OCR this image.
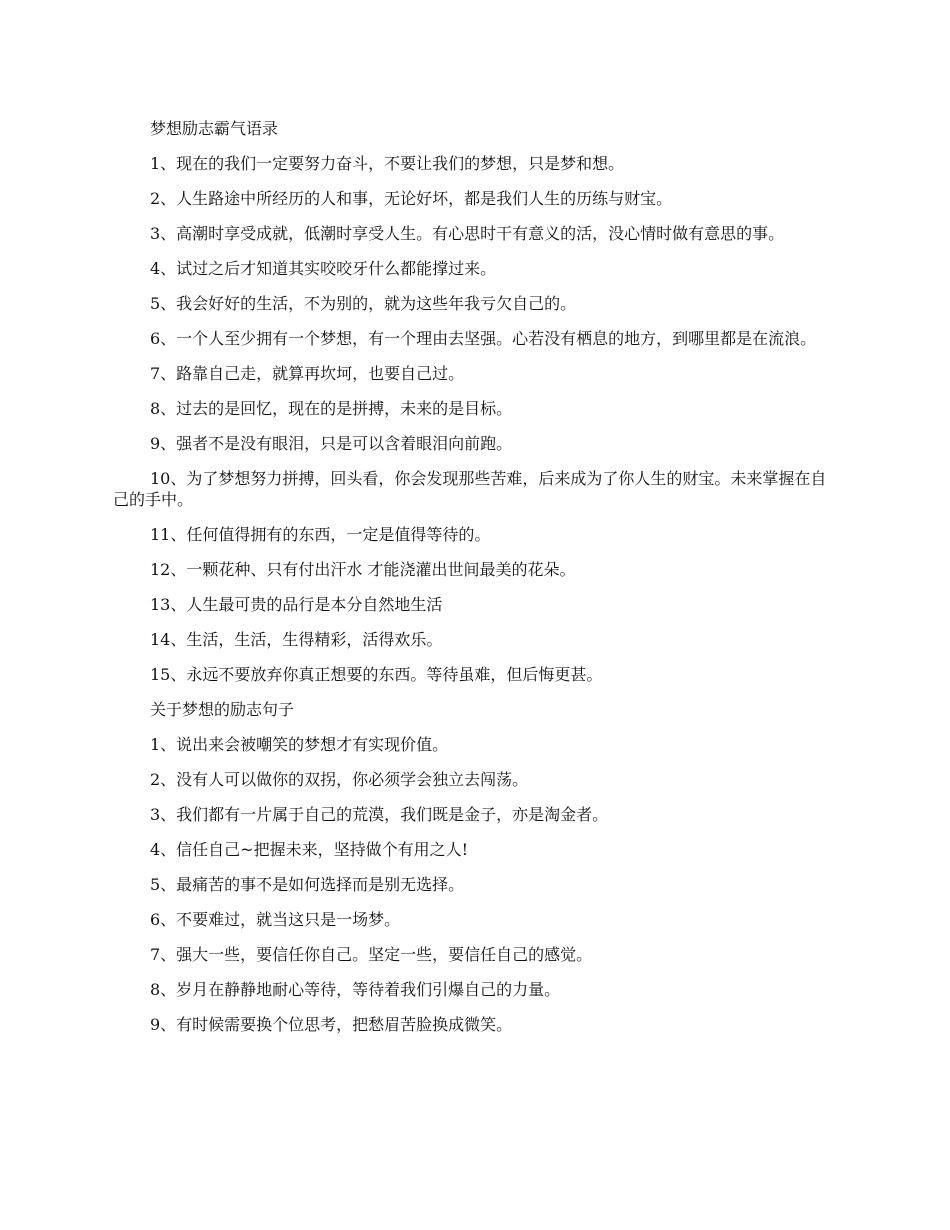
梦想励志霸气语录

1、现在的我们一定要努力奋斗，不要让我们的梦想，只是梦和想。

2、人生路途中所经历的人和事，无论好坏，都是我们人生的历练与财宝。

3、高潮时享受成就，低潮时享受人生。有心思时干有意义的活，没心情时做有意思的事。

4、试过之后才知道其实咬咬牙什么都能撑过来。

5、我会好好的生活，不为别的，就为这些年我亏欠自己的。

6、一个人至少拥有一个梦想，有一个理由去坚强。心若没有栖息的地方，到哪里都是在流浪。

7、路靠自己走，就算再坎坷，也要自己过。

8、过去的是回忆，现在的是拼搏，未来的是目标。

9、强者不是没有眼泪，只是可以含着眼泪向前跑。

10、为了梦想努力拼搏，回头看，你会发现那些苦难，后来成为了你人生的财宝。未来掌握在自己的手中。

11、任何值得拥有的东西，一定是值得等待的。

12、一颗花种、只有付出汗水 才能浇灌出世间最美的花朵。

13、人生最可贵的品行是本分自然地生活

14、生活，生活，生得精彩，活得欢乐。

15、永远不要放弃你真正想要的东西。等待虽难，但后悔更甚。

关于梦想的励志句子

1、说出来会被嘲笑的梦想才有实现价值。

2、没有人可以做你的双拐，你必须学会独立去闯荡。

3、我们都有一片属于自己的荒漠，我们既是金子，亦是淘金者。

4、信任自己~把握未来，坚持做个有用之人!

5、最痛苦的事不是如何选择而是别无选择。

6、不要难过，就当这只是一场梦。

7、强大一些，要信任你自己。坚定一些，要信任自己的感觉。

8、岁月在静静地耐心等待，等待着我们引爆自己的力量。

9、有时候需要换个位思考，把愁眉苦脸换成微笑。
